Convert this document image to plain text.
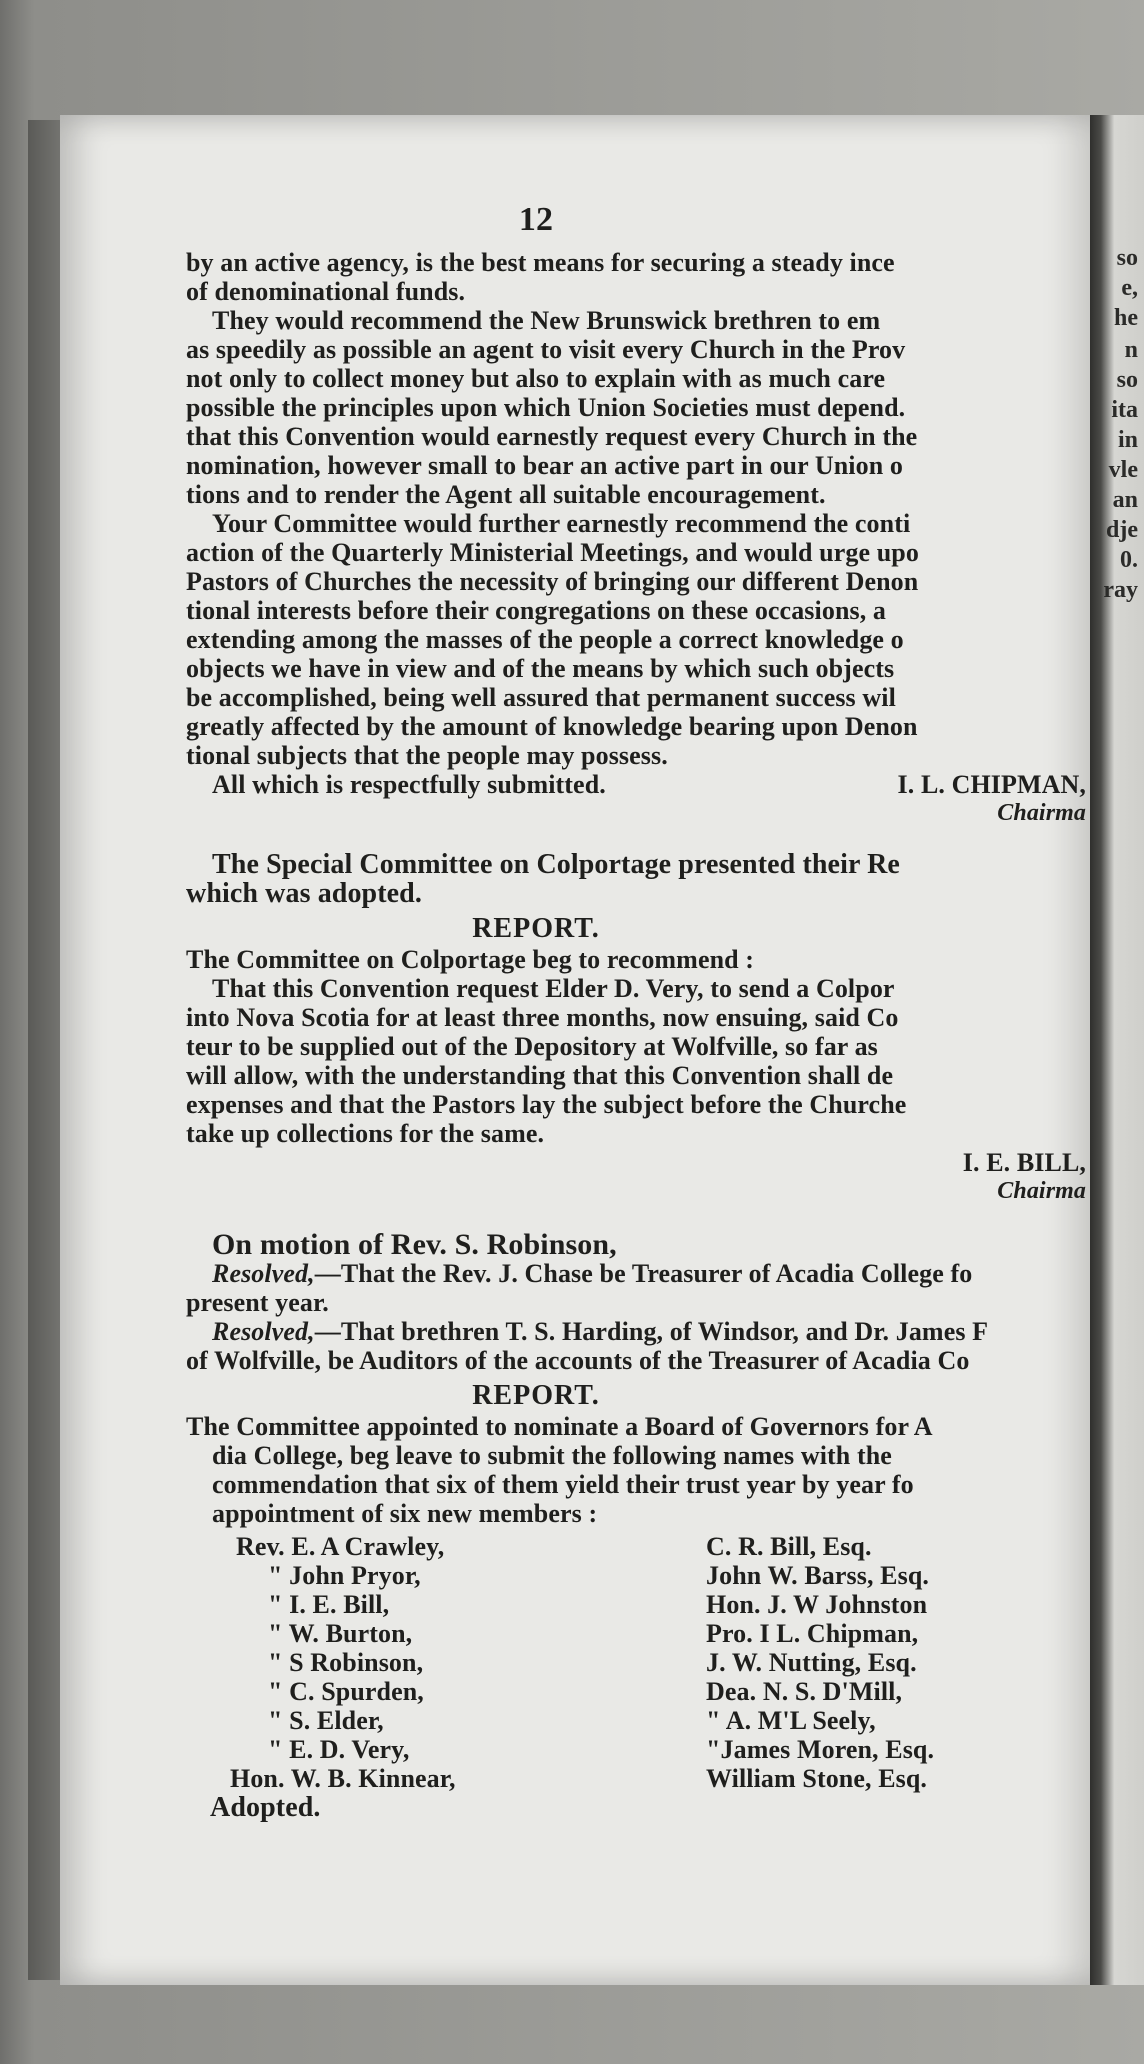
so
e,
he
n
so
ita
in
vle
an
dje
0.
ray
12

by an active agency, is the best means for securing a steady ince
of denominational funds.

They would recommend the New Brunswick brethren to em
as speedily as possible an agent to visit every Church in the Prov
not only to collect money but also to explain with as much care
possible the principles upon which Union Societies must depend.
that this Convention would earnestly request every Church in the
nomination, however small to bear an active part in our Union o
tions and to render the Agent all suitable encouragement.

Your Committee would further earnestly recommend the conti
action of the Quarterly Ministerial Meetings, and would urge upo
Pastors of Churches the necessity of bringing our different Denon
tional interests before their congregations on these occasions, a
extending among the masses of the people a correct knowledge o
objects we have in view and of the means by which such objects
be accomplished, being well assured that permanent success wil
greatly affected by the amount of knowledge bearing upon Denon
tional subjects that the people may possess.

All which is respectfully submitted.	I. L. CHIPMAN,
Chairma

The Special Committee on Colportage presented their Re
which was adopted.

REPORT.

The Committee on Colportage beg to recommend :
That this Convention request Elder D. Very, to send a Colpor
into Nova Scotia for at least three months, now ensuing, said Co
teur to be supplied out of the Depository at Wolfville, so far as
will allow, with the understanding that this Convention shall de
expenses and that the Pastors lay the subject before the Churche
take up collections for the same.

I. E. BILL,
Chairma
On motion of Rev. S. Robinson,
Resolved,—That the Rev. J. Chase be Treasurer of Acadia College fo
present year.
Resolved,—That brethren T. S. Harding, of Windsor, and Dr. James F
of Wolfville, be Auditors of the accounts of the Treasurer of Acadia Co
REPORT.

The Committee appointed to nominate a Board of Governors for A
dia College, beg leave to submit the following names with the
commendation that six of them yield their trust year by year fo
appointment of six new members :

Rev. E. A Crawley,
" John Pryor,
" I. E. Bill,
" W. Burton,
" S Robinson,
" C. Spurden,
" S. Elder,
" E. D. Very,
Hon. W. B. Kinnear,
C. R. Bill, Esq.
John W. Barss, Esq.
Hon. J. W Johnston
Pro. I L. Chipman,
J. W. Nutting, Esq.
Dea. N. S. D'Mill,
" A. M'L Seely,
"James Moren, Esq.
William Stone, Esq.
Adopted.
